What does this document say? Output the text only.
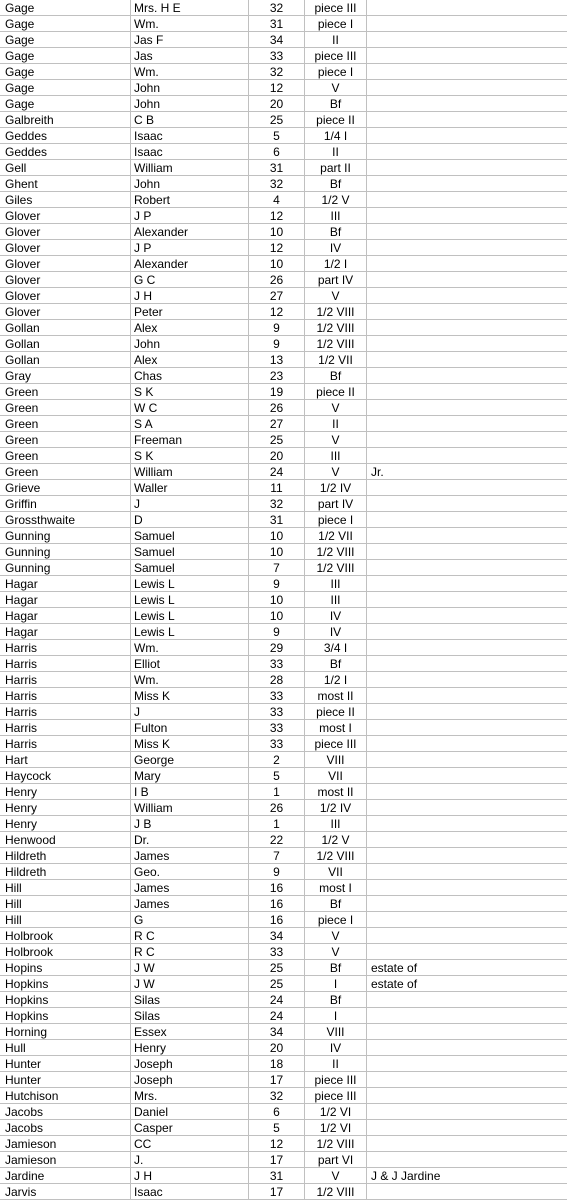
Gage	Mrs. H E	32	piece III
Gage	Wm.	31	piece I
Gage	Jas F	34	II
Gage	Jas	33	piece III
Gage	Wm.	32	piece I
Gage	John	12	V
Gage	John	20	Bf
Galbreith	C B	25	piece II
Geddes	Isaac	5	1/4 I
Geddes	Isaac	6	II
Gell	William	31	part II
Ghent	John	32	Bf
Giles	Robert	4	1/2 V
Glover	J P	12	III
Glover	Alexander	10	Bf
Glover	J P	12	IV
Glover	Alexander	10	1/2 I
Glover	G C	26	part IV
Glover	J H	27	V
Glover	Peter	12	1/2 VIII
Gollan	Alex	9	1/2 VIII
Gollan	John	9	1/2 VIII
Gollan	Alex	13	1/2 VII
Gray	Chas	23	Bf
Green	S K	19	piece II
Green	W C	26	V
Green	S A	27	II
Green	Freeman	25	V
Green	S K	20	III
Green	William	24	V	Jr.
Grieve	Waller	11	1/2 IV
Griffin	J	32	part IV
Grossthwaite	D	31	piece I
Gunning	Samuel	10	1/2 VII
Gunning	Samuel	10	1/2 VIII
Gunning	Samuel	7	1/2 VIII
Hagar	Lewis L	9	III
Hagar	Lewis L	10	III
Hagar	Lewis L	10	IV
Hagar	Lewis L	9	IV
Harris	Wm.	29	3/4 I
Harris	Elliot	33	Bf
Harris	Wm.	28	1/2 I
Harris	Miss K	33	most II
Harris	J	33	piece II
Harris	Fulton	33	most I
Harris	Miss K	33	piece III
Hart	George	2	VIII
Haycock	Mary	5	VII
Henry	I B	1	most II
Henry	William	26	1/2 IV
Henry	J B	1	III
Henwood	Dr.	22	1/2 V
Hildreth	James	7	1/2 VIII
Hildreth	Geo.	9	VII
Hill	James	16	most I
Hill	James	16	Bf
Hill	G	16	piece I
Holbrook	R C	34	V
Holbrook	R C	33	V
Hopins	J W	25	Bf	estate of
Hopkins	J W	25	I	estate of
Hopkins	Silas	24	Bf
Hopkins	Silas	24	I
Horning	Essex	34	VIII
Hull	Henry	20	IV
Hunter	Joseph	18	II
Hunter	Joseph	17	piece III
Hutchison	Mrs.	32	piece III
Jacobs	Daniel	6	1/2 VI
Jacobs	Casper	5	1/2 VI
Jamieson	CC	12	1/2 VIII
Jamieson	J.	17	part VI
Jardine	J H	31	V	J & J Jardine
Jarvis	Isaac	17	1/2 VIII
